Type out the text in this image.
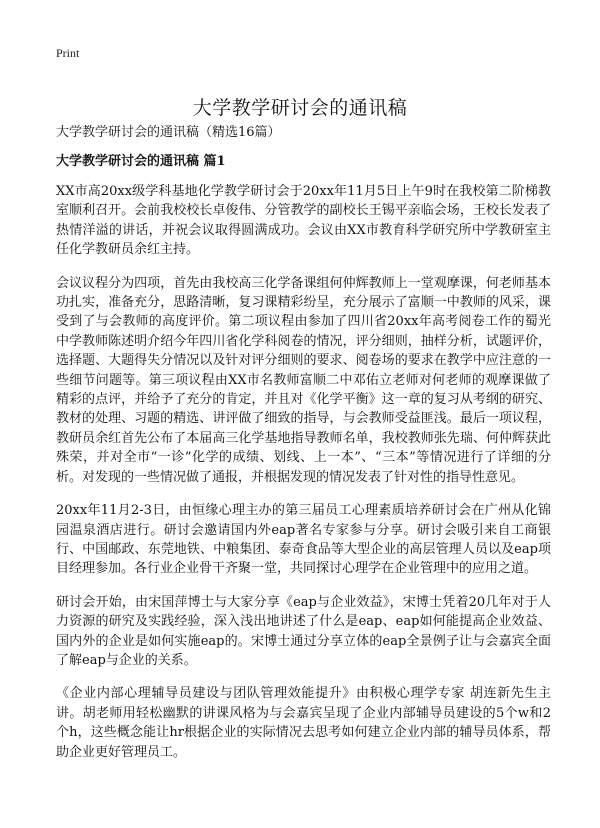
Print
大学教学研讨会的通讯稿
大学教学研讨会的通讯稿（精选16篇）
大学教学研讨会的通讯稿 篇1

XX市高20xx级学科基地化学教学研讨会于20xx年11月5日上午9时在我校第二阶梯教室顺利召开。会前我校校长卓俊伟、分管教学的副校长王锡平亲临会场，王校长发表了热情洋溢的讲话，并祝会议取得圆满成功。会议由XX市教育科学研究所中学教研室主任化学教研员余红主持。

会议议程分为四项，首先由我校高三化学备课组何仲辉教师上一堂观摩课，何老师基本功扎实，准备充分，思路清晰，复习课精彩纷呈，充分展示了富顺一中教师的风采，课受到了与会教师的高度评价。第二项议程由参加了四川省20xx年高考阅卷工作的蜀光中学教师陈述明介绍今年四川省化学科阅卷的情况，评分细则，抽样分析，试题评价，选择题、大题得失分情况以及针对评分细则的要求、阅卷场的要求在教学中应注意的一些细节问题等。第三项议程由XX市名教师富顺二中邓佑立老师对何老师的观摩课做了精彩的点评，并给予了充分的肯定，并且对《化学平衡》这一章的复习从考纲的研究、教材的处理、习题的精选、讲评做了细致的指导，与会教师受益匪浅。最后一项议程，教研员余红首先公布了本届高三化学基地指导教师名单，我校教师张先瑞、何仲辉获此殊荣，并对全市“一诊”化学的成绩、划线、上一本”、“三本”等情况进行了详细的分析。对发现的一些情况做了通报，并根据发现的情况发表了针对性的指导性意见。

20xx年11月2-3日，由恒缘心理主办的第三届员工心理素质培养研讨会在广州从化锦园温泉酒店进行。研讨会邀请国内外eap著名专家参与分享。研讨会吸引来自工商银行、中国邮政、东莞地铁、中粮集团、泰奇食品等大型企业的高层管理人员以及eap项目经理参加。各行业企业骨干齐聚一堂，共同探讨心理学在企业管理中的应用之道。

研讨会开始，由宋国萍博士与大家分享《eap与企业效益》，宋博士凭着20几年对于人力资源的研究及实践经验，深入浅出地讲述了什么是eap、eap如何能提高企业效益、国内外的企业是如何实施eap的。宋博士通过分享立体的eap全景例子让与会嘉宾全面了解eap与企业的关系。

《企业内部心理辅导员建设与团队管理效能提升》由积极心理学专家 胡连新先生主讲。胡老师用轻松幽默的讲课风格为与会嘉宾呈现了企业内部辅导员建设的5个w和2个h，这些概念能让hr根据企业的实际情况去思考如何建立企业内部的辅导员体系，帮助企业更好管理员工。
